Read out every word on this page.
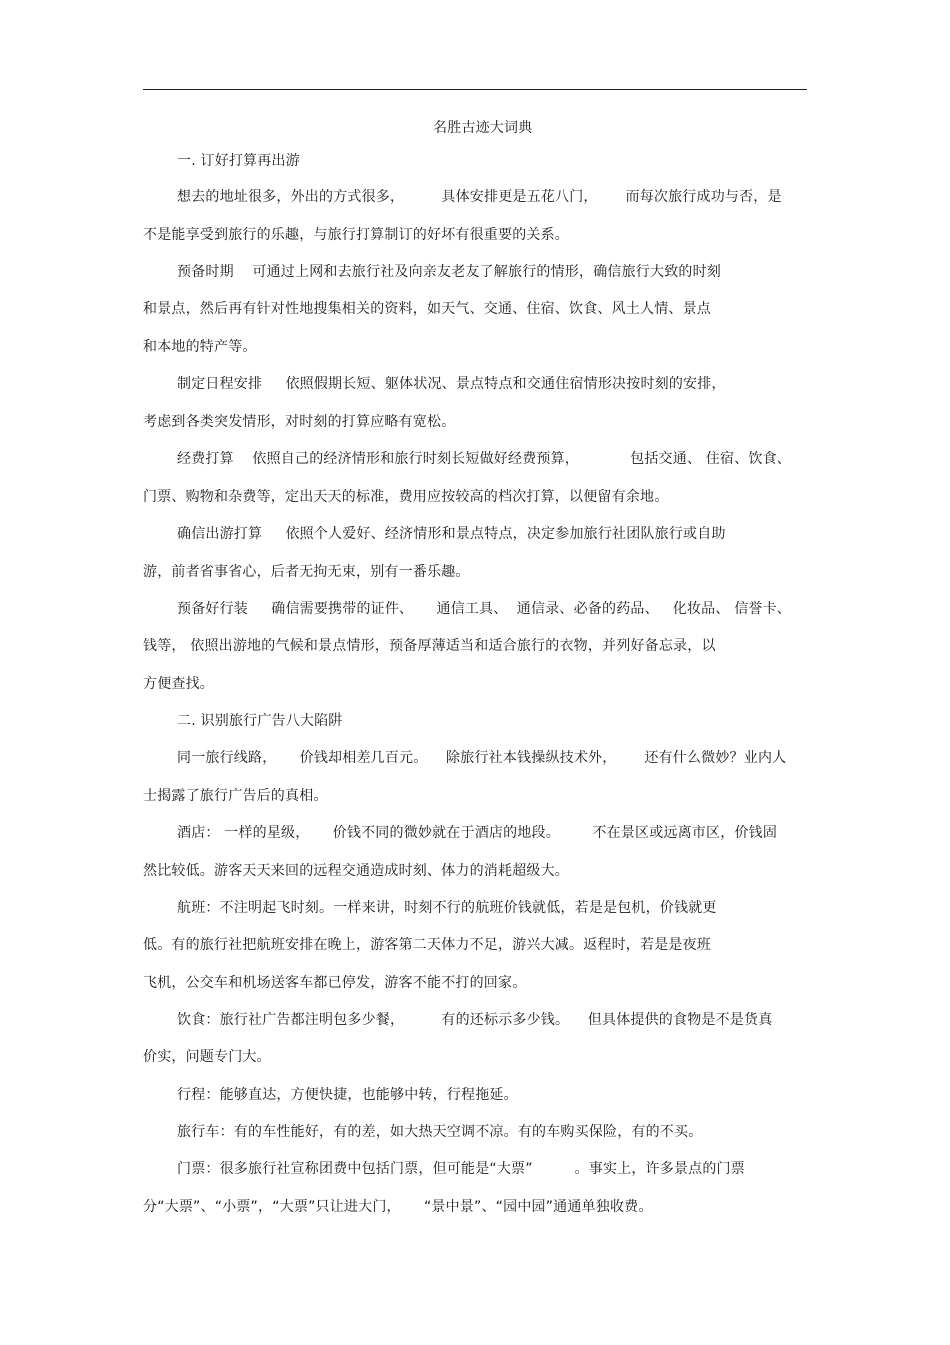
名胜古迹大词典
一. 订好打算再出游
想去的地址很多，外出的方式很多，        具体安排更是五花八门，      而每次旅行成功与否，是
不是能享受到旅行的乐趣，与旅行打算制订的好坏有很重要的关系。
预备时期    可通过上网和去旅行社及向亲友老友了解旅行的情形，确信旅行大致的时刻
和景点，然后再有针对性地搜集相关的资料，如天气、交通、住宿、饮食、风土人情、景点
和本地的特产等。
制定日程安排     依照假期长短、躯体状况、景点特点和交通住宿情形决按时刻的安排，
考虑到各类突发情形，对时刻的打算应略有宽松。
经费打算    依照自己的经济情形和旅行时刻长短做好经费预算，           包括交通、 住宿、饮食、
门票、购物和杂费等，定出天天的标准，费用应按较高的档次打算，以便留有余地。
确信出游打算     依照个人爱好、经济情形和景点特点，决定参加旅行社团队旅行或自助
游，前者省事省心，后者无拘无束，别有一番乐趣。
预备好行装     确信需要携带的证件、     通信工具、  通信录、必备的药品、   化妆品、 信誉卡、
钱等， 依照出游地的气候和景点情形，预备厚薄适当和适合旅行的衣物，并列好备忘录，以
方便查找。
二. 识别旅行广告八大陷阱
同一旅行线路，     价钱却相差几百元。    除旅行社本钱操纵技术外，      还有什么微妙？业内人
士揭露了旅行广告后的真相。
酒店： 一样的星级，     价钱不同的微妙就在于酒店的地段。       不在景区或远离市区，价钱固
然比较低。游客天天来回的远程交通造成时刻、体力的消耗超级大。
航班：不注明起飞时刻。一样来讲，时刻不行的航班价钱就低，若是是包机，价钱就更
低。有的旅行社把航班安排在晚上，游客第二天体力不足，游兴大减。返程时，若是是夜班
飞机，公交车和机场送客车都已停发，游客不能不打的回家。
饮食：旅行社广告都注明包多少餐，        有的还标示多少钱。    但具体提供的食物是不是货真
价实，问题专门大。
行程：能够直达，方便快捷，也能够中转，行程拖延。
旅行车：有的车性能好，有的差，如大热天空调不凉。有的车购买保险，有的不买。
门票：很多旅行社宣称团费中包括门票，但可能是“大票”         。事实上，许多景点的门票
分“大票”、“小票”，“大票”只让进大门，     “景中景”、“园中园”通通单独收费。
